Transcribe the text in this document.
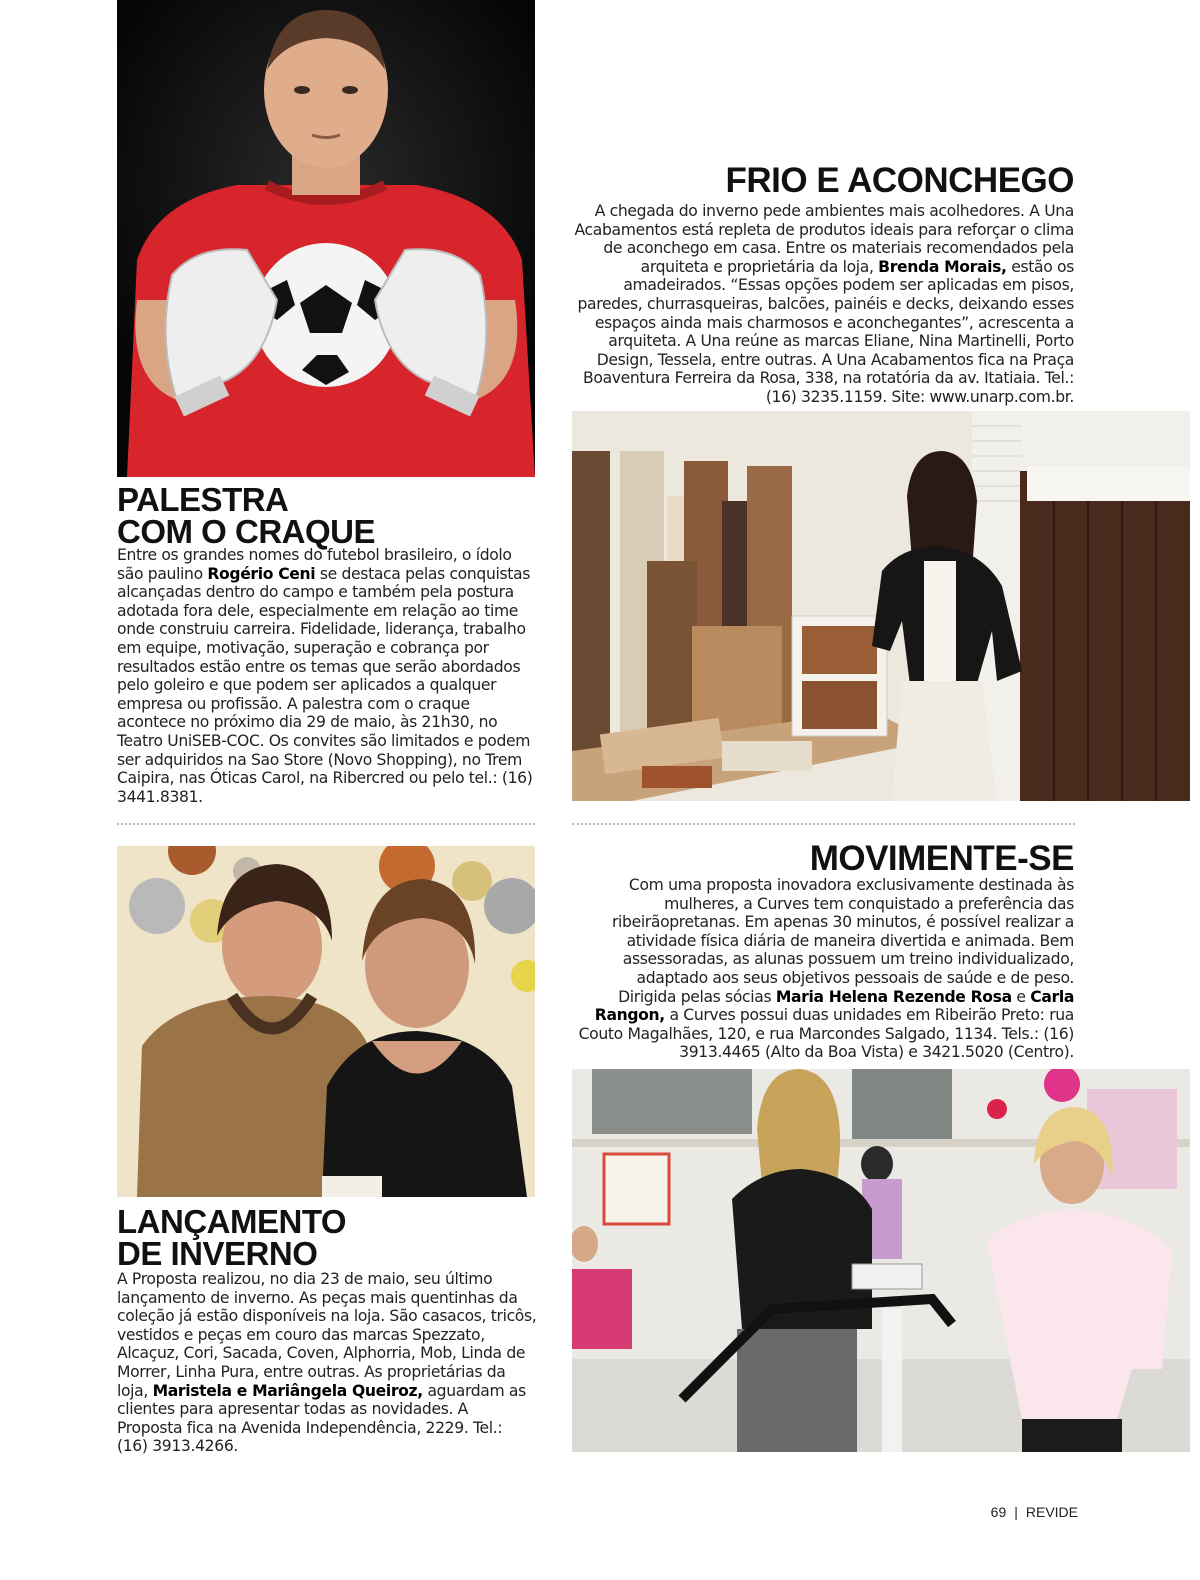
FRIO E ACONCHEGO

A chegada do inverno pede ambientes mais acolhedores. A Una Acabamentos está repleta de produtos ideais para reforçar o clima de aconchego em casa. Entre os materiais recomendados pela arquiteta e proprietária da loja, Brenda Morais, estão os amadeirados. “Essas opções podem ser aplicadas em pisos, paredes, churrasqueiras, balcões, painéis e decks, deixando esses espaços ainda mais charmosos e aconchegantes”, acrescenta a arquiteta. A Una reúne as marcas Eliane, Nina Martinelli, Porto Design, Tessela, entre outras. A Una Acabamentos fica na Praça Boaventura Ferreira da Rosa, 338, na rotatória da av. Itatiaia. Tel.: (16) 3235.1159. Site: www.unarp.com.br.

PALESTRA
COM O CRAQUE

Entre os grandes nomes do futebol brasileiro, o ídolo são paulino Rogério Ceni se destaca pelas conquistas alcançadas dentro do campo e também pela postura adotada fora dele, especialmente em relação ao time onde construiu carreira. Fidelidade, liderança, trabalho em equipe, motivação, superação e cobrança por resultados estão entre os temas que serão abordados pelo goleiro e que podem ser aplicados a qualquer empresa ou profissão. A palestra com o craque acontece no próximo dia 29 de maio, às 21h30, no Teatro UniSEB-COC. Os convites são limitados e podem ser adquiridos na Sao Store (Novo Shopping), no Trem Caipira, nas Óticas Carol, na Ribercred ou pelo tel.: (16) 3441.8381.

MOVIMENTE-SE

Com uma proposta inovadora exclusivamente destinada às mulheres, a Curves tem conquistado a preferência das ribeirãopretanas. Em apenas 30 minutos, é possível realizar a atividade física diária de maneira divertida e animada. Bem assessoradas, as alunas possuem um treino individualizado, adaptado aos seus objetivos pessoais de saúde e de peso. Dirigida pelas sócias Maria Helena Rezende Rosa e Carla Rangon, a Curves possui duas unidades em Ribeirão Preto: rua Couto Magalhães, 120, e rua Marcondes Salgado, 1134. Tels.: (16) 3913.4465 (Alto da Boa Vista) e 3421.5020 (Centro).

LANÇAMENTO
DE INVERNO

A Proposta realizou, no dia 23 de maio, seu último lançamento de inverno. As peças mais quentinhas da coleção já estão disponíveis na loja. São casacos, tricôs, vestidos e peças em couro das marcas Spezzato, Alcaçuz, Cori, Sacada, Coven, Alphorria, Mob, Linda de Morrer, Linha Pura, entre outras. As proprietárias da loja, Maristela e Mariângela Queiroz, aguardam as clientes para apresentar todas as novidades. A Proposta fica na Avenida Independência, 2229. Tel.: (16) 3913.4266.

69 | REVIDE
